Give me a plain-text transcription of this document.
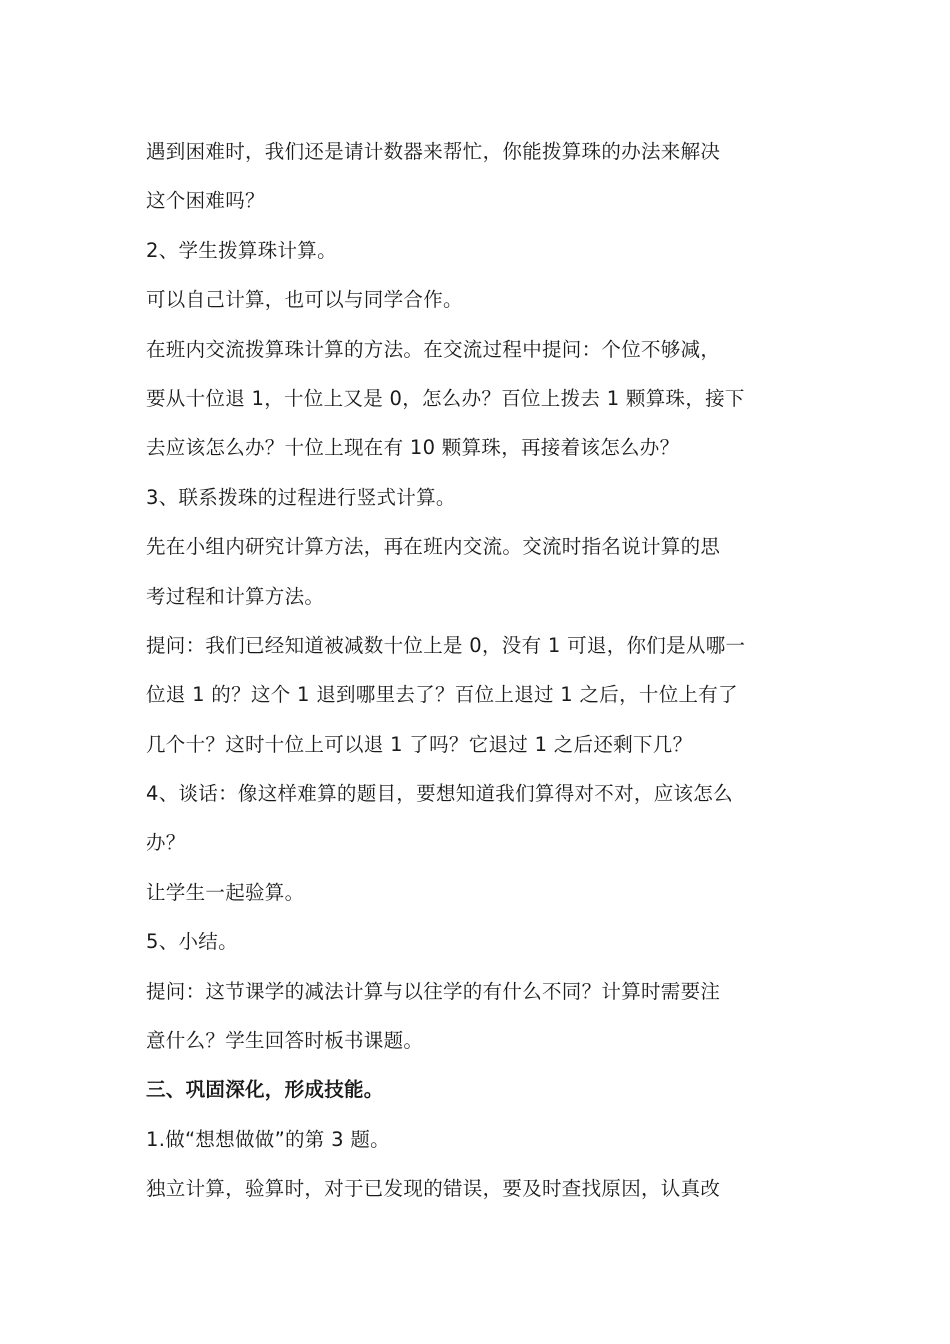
遇到困难时，我们还是请计数器来帮忙，你能拨算珠的办法来解决
这个困难吗？
2、学生拨算珠计算。
可以自己计算，也可以与同学合作。
在班内交流拨算珠计算的方法。在交流过程中提问：个位不够减，
要从十位退 1，十位上又是 0，怎么办？百位上拨去 1 颗算珠，接下
去应该怎么办？十位上现在有 10 颗算珠，再接着该怎么办？
3、联系拨珠的过程进行竖式计算。
先在小组内研究计算方法，再在班内交流。交流时指名说计算的思
考过程和计算方法。
提问：我们已经知道被减数十位上是 0，没有 1 可退，你们是从哪一
位退 1 的？这个 1 退到哪里去了？百位上退过 1 之后，十位上有了
几个十？这时十位上可以退 1 了吗？它退过 1 之后还剩下几？
4、谈话：像这样难算的题目，要想知道我们算得对不对，应该怎么
办？
让学生一起验算。
5、小结。
提问：这节课学的减法计算与以往学的有什么不同？计算时需要注
意什么？学生回答时板书课题。
三、巩固深化，形成技能。
1.做“想想做做”的第 3 题。
独立计算，验算时，对于已发现的错误，要及时查找原因，认真改
